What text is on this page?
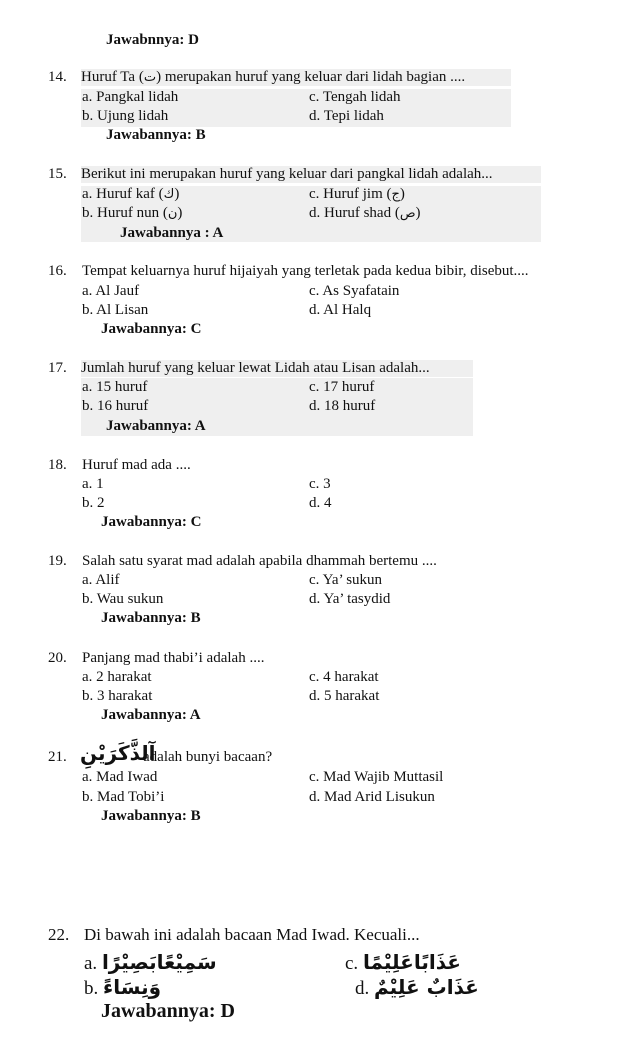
Jawabnnya: D
14. Huruf Ta (ت) merupakan huruf yang keluar dari lidah bagian ....
a. Pangkal lidah
b. Ujung lidah
c. Tengah lidah
d. Tepi lidah
Jawabannya: B
15. Berikut ini merupakan huruf yang keluar dari pangkal lidah adalah...
a. Huruf kaf (ك)
b. Huruf nun (ن)
c. Huruf jim (ج)
d. Huruf shad (ص)
Jawabannya : A
16. Tempat keluarnya huruf hijaiyah yang terletak pada kedua bibir, disebut....
a. Al Jauf
b. Al Lisan
c. As Syafatain
d. Al Halq
Jawabannya: C
17. Jumlah huruf yang keluar lewat Lidah atau Lisan adalah...
a. 15 huruf
b. 16 huruf
c. 17 huruf
d. 18 huruf
Jawabannya: A
18. Huruf mad ada ....
a. 1
b. 2
c. 3
d. 4
Jawabannya: C
19. Salah satu syarat mad adalah apabila dhammah bertemu ....
a. Alif
b. Wau sukun
c. Ya’ sukun
d. Ya’ tasydid
Jawabannya: B
20. Panjang mad thabi’i adalah ....
a. 2 harakat
b. 3 harakat
c. 4 harakat
d. 5 harakat
Jawabannya: A
21. آلذَّكَرَيْنِ
adalah bunyi bacaan?
a. Mad Iwad
b. Mad Tobi’i
c. Mad Wajib Muttasil
d. Mad Arid Lisukun
Jawabannya: B
22. Di bawah ini adalah bacaan Mad Iwad. Kecuali...
a. سَمِيْعًابَصِيْرًا
b. وَنِسَاءً
c. عَذَابًاعَلِيْمًا
d. عَذَابٌ عَلِيْمٌ
Jawabannya: D
